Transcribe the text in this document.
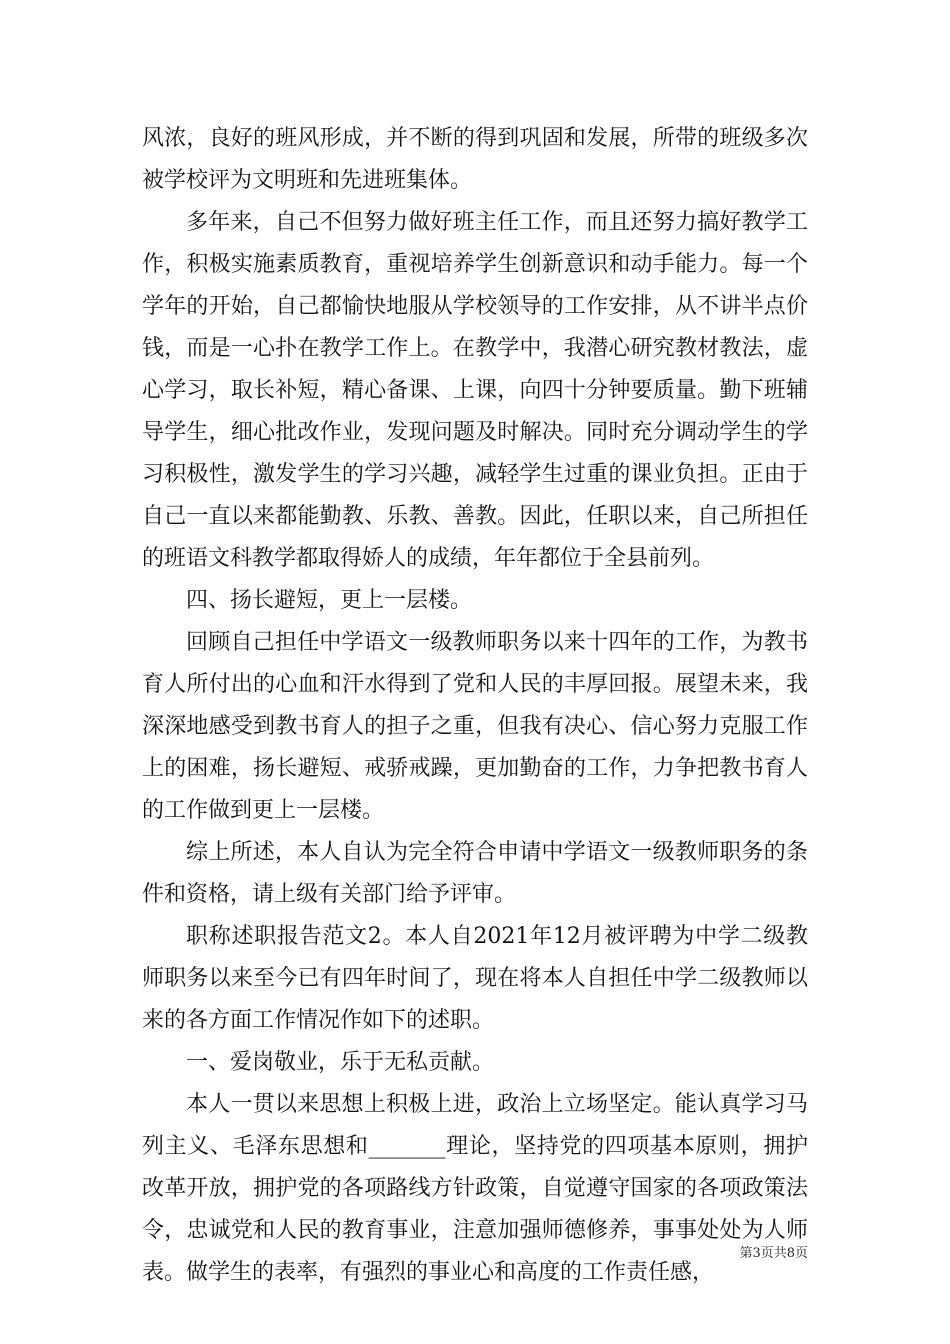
风浓，良好的班风形成，并不断的得到巩固和发展，所带的班级多次被学校评为文明班和先进班集体。

多年来，自己不但努力做好班主任工作，而且还努力搞好教学工作，积极实施素质教育，重视培养学生创新意识和动手能力。每一个学年的开始，自己都愉快地服从学校领导的工作安排，从不讲半点价钱，而是一心扑在教学工作上。在教学中，我潜心研究教材教法，虚心学习，取长补短，精心备课、上课，向四十分钟要质量。勤下班辅导学生，细心批改作业，发现问题及时解决。同时充分调动学生的学习积极性，激发学生的学习兴趣，减轻学生过重的课业负担。正由于自己一直以来都能勤教、乐教、善教。因此，任职以来，自己所担任的班语文科教学都取得娇人的成绩，年年都位于全县前列。

四、扬长避短，更上一层楼。

回顾自己担任中学语文一级教师职务以来十四年的工作，为教书育人所付出的心血和汗水得到了党和人民的丰厚回报。展望未来，我深深地感受到教书育人的担子之重，但我有决心、信心努力克服工作上的困难，扬长避短、戒骄戒躁，更加勤奋的工作，力争把教书育人的工作做到更上一层楼。

综上所述，本人自认为完全符合申请中学语文一级教师职务的条件和资格，请上级有关部门给予评审。

职称述职报告范文2。本人自2021年12月被评聘为中学二级教师职务以来至今已有四年时间了，现在将本人自担任中学二级教师以来的各方面工作情况作如下的述职。

一、爱岗敬业，乐于无私贡献。

本人一贯以来思想上积极上进，政治上立场坚定。能认真学习马列主义、毛泽东思想和_______理论，坚持党的四项基本原则，拥护改革开放，拥护党的各项路线方针政策，自觉遵守国家的各项政策法令，忠诚党和人民的教育事业，注意加强师德修养，事事处处为人师表。做学生的表率，有强烈的事业心和高度的工作责任感，

第3页共8页
